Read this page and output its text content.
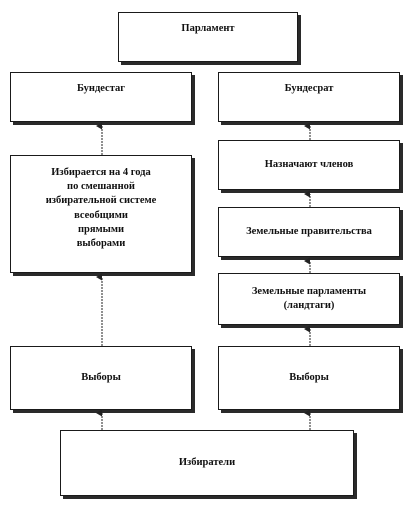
Парламент
Бундестаг	Бундесрат
Избирается на 4 года
по смешанной
избирательной системе
всеобщими
прямыми
выборами
Назначают членов
Земельные правительства
Земельные парламенты
(ландтаги)
Выборы	Выборы
Избиратели
